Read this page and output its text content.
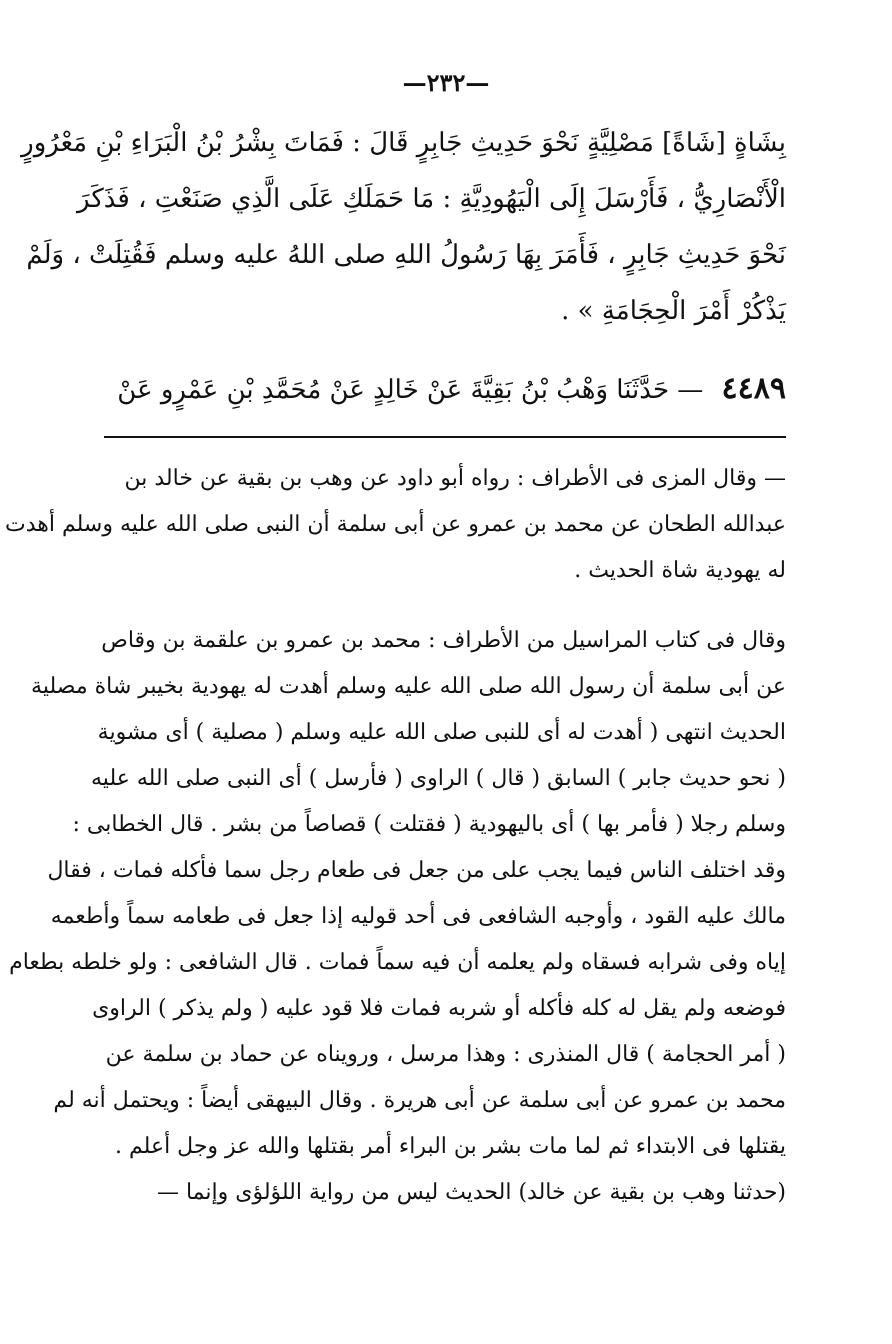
—٢٣٢—
بِشَاةٍ [شَاةً] مَصْلِيَّةٍ نَحْوَ حَدِيثِ جَابِرٍ قَالَ : فَمَاتَ بِشْرُ بْنُ الْبَرَاءِ بْنِ مَعْرُورٍ
الْأَنْصَارِيُّ ، فَأَرْسَلَ إِلَى الْيَهُودِيَّةِ : مَا حَمَلَكِ عَلَى الَّذِي صَنَعْتِ ، فَذَكَرَ
نَحْوَ حَدِيثِ جَابِرٍ ، فَأَمَرَ بِهَا رَسُولُ اللهِ صلى اللهُ عليه وسلم فَقُتِلَتْ ، وَلَمْ
يَذْكُرْ أَمْرَ الْحِجَامَةِ » .
٤٤٨٩ — حَدَّثَنَا وَهْبُ بْنُ بَقِيَّةَ عَنْ خَالِدٍ عَنْ مُحَمَّدِ بْنِ عَمْرٍو عَنْ
— وقال المزى فى الأطراف : رواه أبو داود عن وهب بن بقية عن خالد بن
عبدالله الطحان عن محمد بن عمرو عن أبى سلمة أن النبى صلى الله عليه وسلم أهدت
له يهودية شاة الحديث .
وقال فى كتاب المراسيل من الأطراف : محمد بن عمرو بن علقمة بن وقاص
عن أبى سلمة أن رسول الله صلى الله عليه وسلم أهدت له يهودية بخيبر شاة مصلية
الحديث انتهى ( أهدت له أى للنبى صلى الله عليه وسلم ( مصلية ) أى مشوية
( نحو حديث جابر ) السابق ( قال ) الراوى ( فأرسل ) أى النبى صلى الله عليه
وسلم رجلا ( فأمر بها ) أى باليهودية ( فقتلت ) قصاصاً من بشر . قال الخطابى :
وقد اختلف الناس فيما يجب على من جعل فى طعام رجل سما فأكله فمات ، فقال
مالك عليه القود ، وأوجبه الشافعى فى أحد قوليه إذا جعل فى طعامه سماً وأطعمه
إياه وفى شرابه فسقاه ولم يعلمه أن فيه سماً فمات . قال الشافعى : ولو خلطه بطعام
فوضعه ولم يقل له كله فأكله أو شربه فمات فلا قود عليه ( ولم يذكر ) الراوى
( أمر الحجامة ) قال المنذرى : وهذا مرسل ، ورويناه عن حماد بن سلمة عن
محمد بن عمرو عن أبى سلمة عن أبى هريرة . وقال البيهقى أيضاً : ويحتمل أنه لم
يقتلها فى الابتداء ثم لما مات بشر بن البراء أمر بقتلها والله عز وجل أعلم .
(حدثنا وهب بن بقية عن خالد) الحديث ليس من رواية اللؤلؤى وإنما —
